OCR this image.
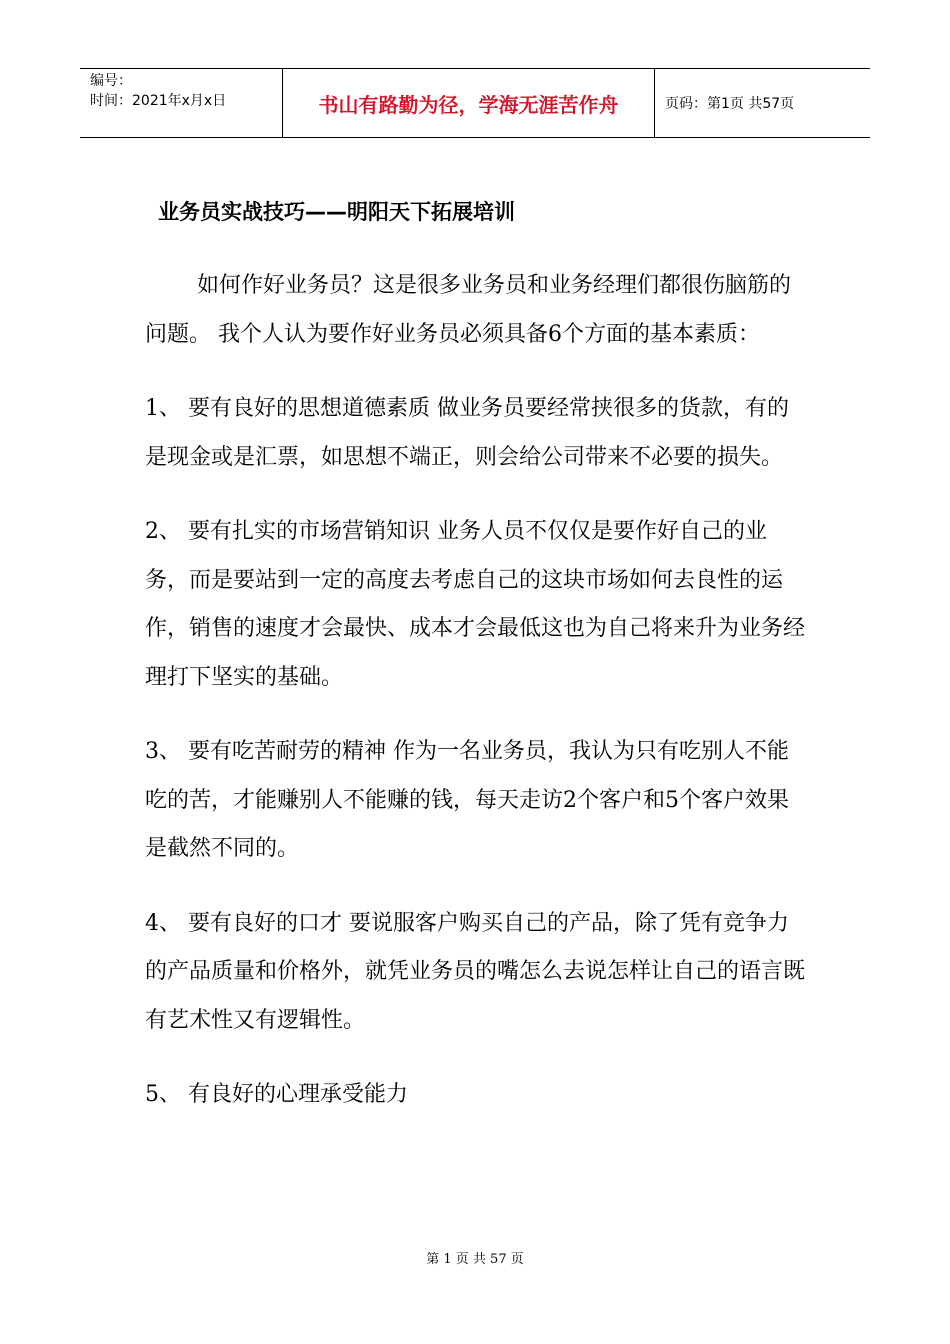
编号：
时间：2021年x月x日	书山有路勤为径，学海无涯苦作舟	页码：第1页 共57页
业务员实战技巧——明阳天下拓展培训

如何作好业务员？这是很多业务员和业务经理们都很伤脑筋的问题。 我个人认为要作好业务员必须具备6个方面的基本素质：

1、 要有良好的思想道德素质 做业务员要经常挟很多的货款，有的是现金或是汇票，如思想不端正，则会给公司带来不必要的损失。

2、 要有扎实的市场营销知识 业务人员不仅仅是要作好自己的业务，而是要站到一定的高度去考虑自己的这块市场如何去良性的运作，销售的速度才会最快、成本才会最低这也为自己将来升为业务经理打下坚实的基础。

3、 要有吃苦耐劳的精神 作为一名业务员，我认为只有吃别人不能吃的苦，才能赚别人不能赚的钱，每天走访2个客户和5个客户效果是截然不同的。

4、 要有良好的口才 要说服客户购买自己的产品，除了凭有竞争力的产品质量和价格外，就凭业务员的嘴怎么去说怎样让自己的语言既有艺术性又有逻辑性。

5、 有良好的心理承受能力

第 1 页 共 57 页
